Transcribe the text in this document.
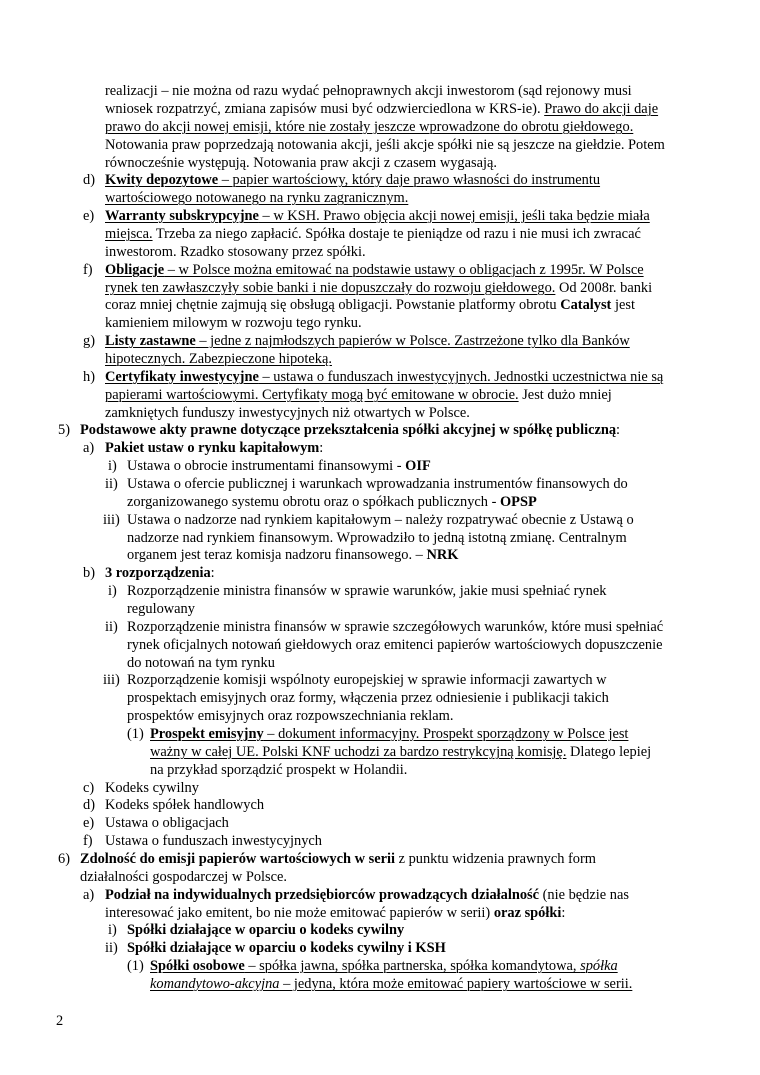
realizacji – nie można od razu wydać pełnoprawnych akcji inwestorom (sąd rejonowy musi
wniosek rozpatrzyć, zmiana zapisów musi być odzwierciedlona w KRS-ie). Prawo do akcji daje
prawo do akcji nowej emisji, które nie zostały jeszcze wprowadzone do obrotu giełdowego.
Notowania praw poprzedzają notowania akcji, jeśli akcje spółki nie są jeszcze na giełdzie. Potem
równocześnie występują. Notowania praw akcji z czasem wygasają.
d) Kwity depozytowe – papier wartościowy, który daje prawo własności do instrumentu
wartościowego notowanego na rynku zagranicznym.
e) Warranty subskrypcyjne – w KSH. Prawo objęcia akcji nowej emisji, jeśli taka będzie miała
miejsca. Trzeba za niego zapłacić. Spółka dostaje te pieniądze od razu i nie musi ich zwracać
inwestorom. Rzadko stosowany przez spółki.
f) Obligacje – w Polsce można emitować na podstawie ustawy o obligacjach z 1995r. W Polsce
rynek ten zawłaszczyły sobie banki i nie dopuszczały do rozwoju giełdowego. Od 2008r. banki
coraz mniej chętnie zajmują się obsługą obligacji. Powstanie platformy obrotu Catalyst jest
kamieniem milowym w rozwoju tego rynku.
g) Listy zastawne – jedne z najmłodszych papierów w Polsce. Zastrzeżone tylko dla Banków
hipotecznych. Zabezpieczone hipoteką.
h) Certyfikaty inwestycyjne – ustawa o funduszach inwestycyjnych. Jednostki uczestnictwa nie są
papierami wartościowymi. Certyfikaty mogą być emitowane w obrocie. Jest dużo mniej
zamkniętych funduszy inwestycyjnych niż otwartych w Polsce.
5) Podstawowe akty prawne dotyczące przekształcenia spółki akcyjnej w spółkę publiczną:
a) Pakiet ustaw o rynku kapitałowym:
i) Ustawa o obrocie instrumentami finansowymi - OIF
ii) Ustawa o ofercie publicznej i warunkach wprowadzania instrumentów finansowych do
zorganizowanego systemu obrotu oraz o spółkach publicznych - OPSP
iii) Ustawa o nadzorze nad rynkiem kapitałowym – należy rozpatrywać obecnie z Ustawą o
nadzorze nad rynkiem finansowym. Wprowadziło to jedną istotną zmianę. Centralnym
organem jest teraz komisja nadzoru finansowego. – NRK
b) 3 rozporządzenia:
i) Rozporządzenie ministra finansów w sprawie warunków, jakie musi spełniać rynek
regulowany
ii) Rozporządzenie ministra finansów w sprawie szczegółowych warunków, które musi spełniać
rynek oficjalnych notowań giełdowych oraz emitenci papierów wartościowych dopuszczenie
do notowań na tym rynku
iii) Rozporządzenie komisji wspólnoty europejskiej w sprawie informacji zawartych w
prospektach emisyjnych oraz formy, włączenia przez odniesienie i publikacji takich
prospektów emisyjnych oraz rozpowszechniania reklam.
(1) Prospekt emisyjny – dokument informacyjny. Prospekt sporządzony w Polsce jest
ważny w całej UE. Polski KNF uchodzi za bardzo restrykcyjną komisję. Dlatego lepiej
na przykład sporządzić prospekt w Holandii.
c) Kodeks cywilny
d) Kodeks spółek handlowych
e) Ustawa o obligacjach
f) Ustawa o funduszach inwestycyjnych
6) Zdolność do emisji papierów wartościowych w serii z punktu widzenia prawnych form
działalności gospodarczej w Polsce.
a) Podział na indywidualnych przedsiębiorców prowadzących działalność (nie będzie nas
interesować jako emitent, bo nie może emitować papierów w serii) oraz spółki:
i) Spółki działające w oparciu o kodeks cywilny
ii) Spółki działające w oparciu o kodeks cywilny i KSH
(1) Spółki osobowe – spółka jawna, spółka partnerska, spółka komandytowa, spółka
komandytowo-akcyjna – jedyna, która może emitować papiery wartościowe w serii.
2
